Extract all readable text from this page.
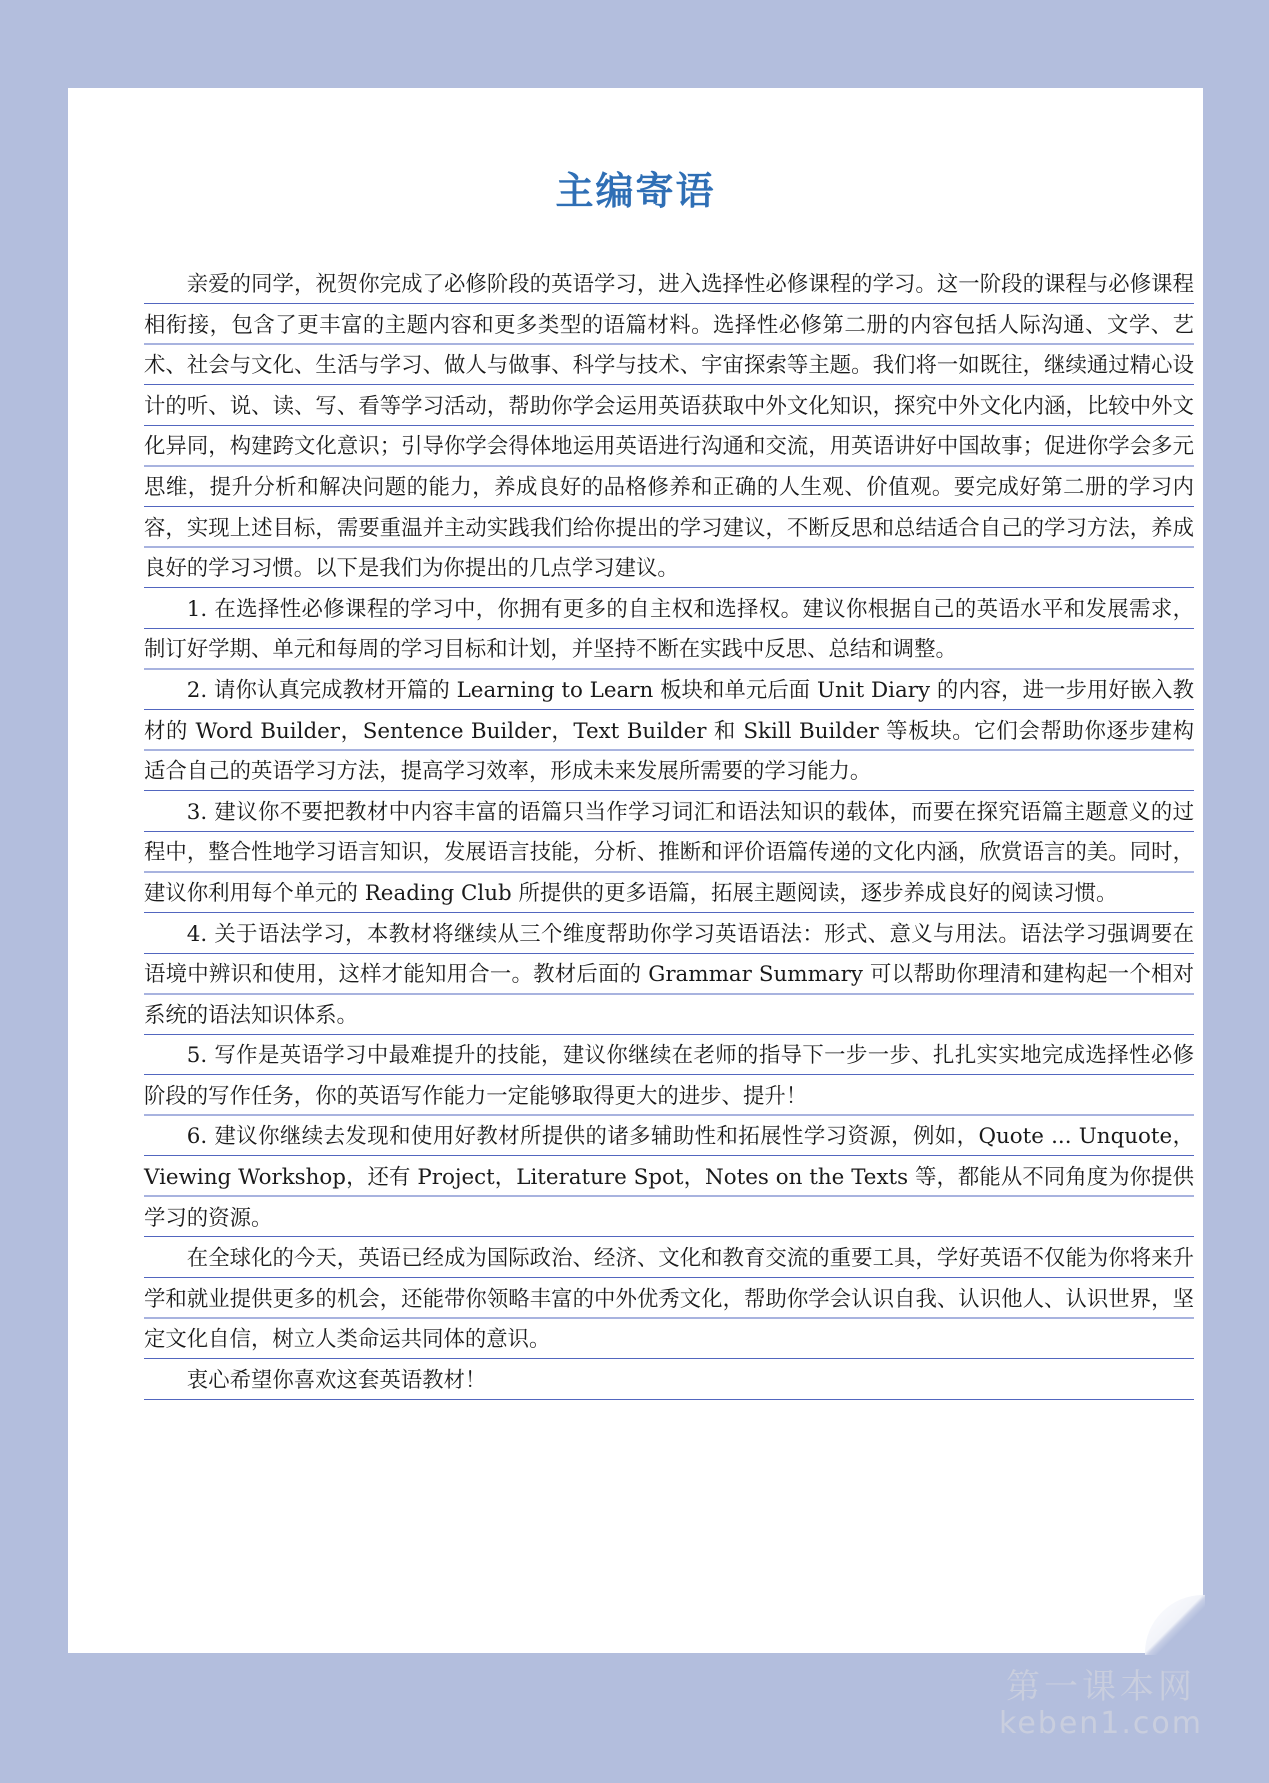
主编寄语

亲爱的同学，祝贺你完成了必修阶段的英语学习，进入选择性必修课程的学习。这一阶段的课程与必修课程相衔接，包含了更丰富的主题内容和更多类型的语篇材料。选择性必修第二册的内容包括人际沟通、文学、艺术、社会与文化、生活与学习、做人与做事、科学与技术、宇宙探索等主题。我们将一如既往，继续通过精心设计的听、说、读、写、看等学习活动，帮助你学会运用英语获取中外文化知识，探究中外文化内涵，比较中外文化异同，构建跨文化意识；引导你学会得体地运用英语进行沟通和交流，用英语讲好中国故事；促进你学会多元思维，提升分析和解决问题的能力，养成良好的品格修养和正确的人生观、价值观。要完成好第二册的学习内容，实现上述目标，需要重温并主动实践我们给你提出的学习建议，不断反思和总结适合自己的学习方法，养成良好的学习习惯。以下是我们为你提出的几点学习建议。

1. 在选择性必修课程的学习中，你拥有更多的自主权和选择权。建议你根据自己的英语水平和发展需求，制订好学期、单元和每周的学习目标和计划，并坚持不断在实践中反思、总结和调整。

2. 请你认真完成教材开篇的 Learning to Learn 板块和单元后面 Unit Diary 的内容，进一步用好嵌入教材的 Word Builder，Sentence Builder，Text Builder 和 Skill Builder 等板块。它们会帮助你逐步建构适合自己的英语学习方法，提高学习效率，形成未来发展所需要的学习能力。

3. 建议你不要把教材中内容丰富的语篇只当作学习词汇和语法知识的载体，而要在探究语篇主题意义的过程中，整合性地学习语言知识，发展语言技能，分析、推断和评价语篇传递的文化内涵，欣赏语言的美。同时，建议你利用每个单元的 Reading Club 所提供的更多语篇，拓展主题阅读，逐步养成良好的阅读习惯。

4. 关于语法学习，本教材将继续从三个维度帮助你学习英语语法：形式、意义与用法。语法学习强调要在语境中辨识和使用，这样才能知用合一。教材后面的 Grammar Summary 可以帮助你理清和建构起一个相对系统的语法知识体系。

5. 写作是英语学习中最难提升的技能，建议你继续在老师的指导下一步一步、扎扎实实地完成选择性必修阶段的写作任务，你的英语写作能力一定能够取得更大的进步、提升！

6. 建议你继续去发现和使用好教材所提供的诸多辅助性和拓展性学习资源，例如，Quote ... Unquote，Viewing Workshop，还有 Project，Literature Spot，Notes on the Texts 等，都能从不同角度为你提供学习的资源。

在全球化的今天，英语已经成为国际政治、经济、文化和教育交流的重要工具，学好英语不仅能为你将来升学和就业提供更多的机会，还能带你领略丰富的中外优秀文化，帮助你学会认识自我、认识他人、认识世界，坚定文化自信，树立人类命运共同体的意识。

衷心希望你喜欢这套英语教材！

第一课本网
keben1.com
